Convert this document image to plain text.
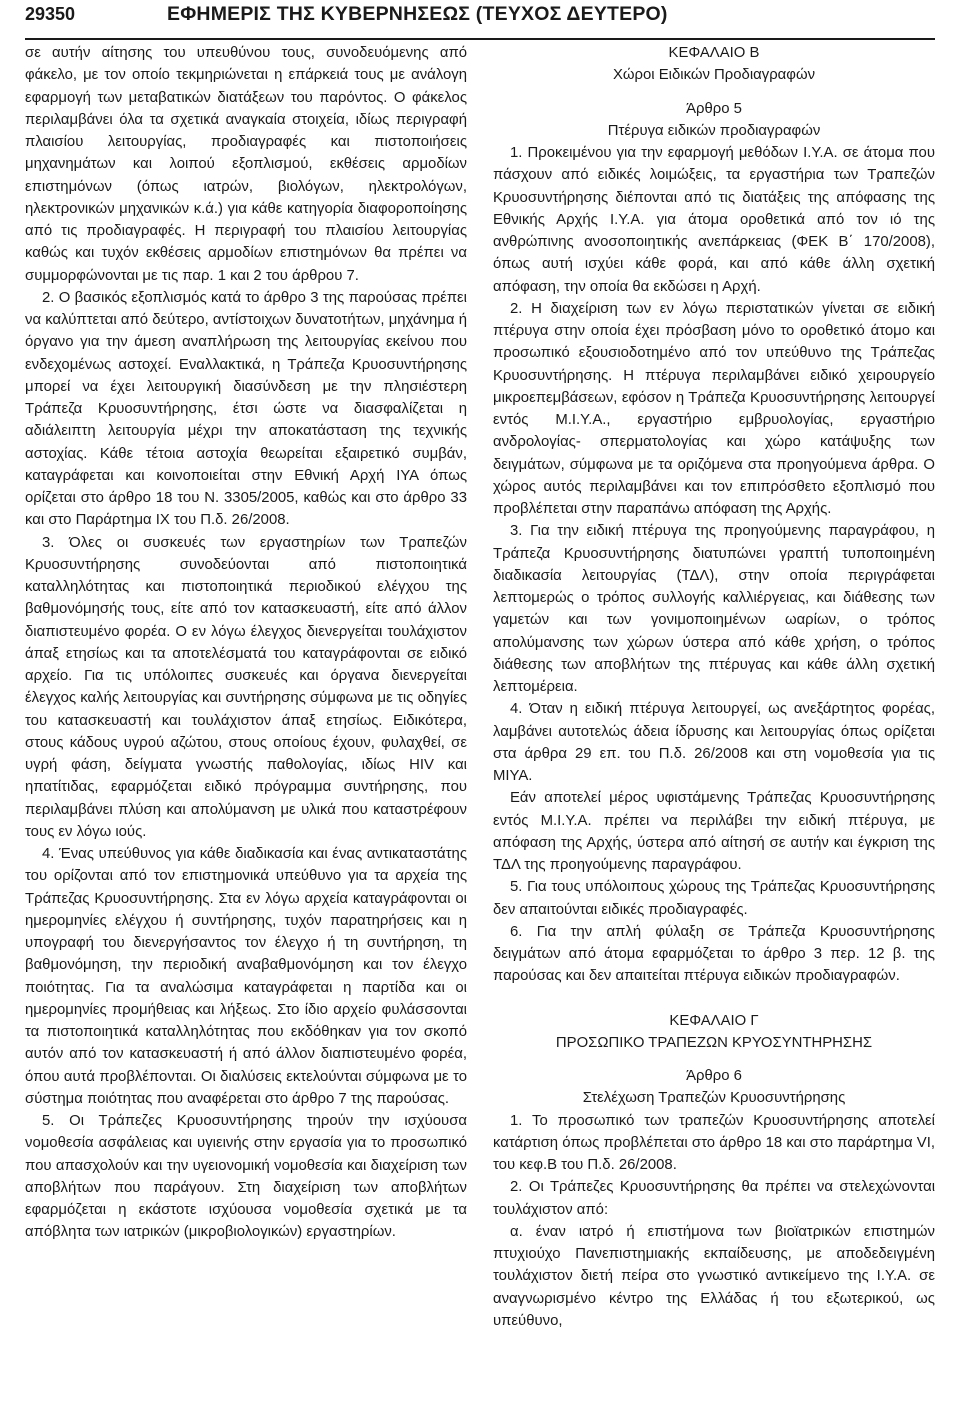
29350	ΕΦΗΜΕΡΙΣ ΤΗΣ ΚΥΒΕΡΝΗΣΕΩΣ (ΤΕΥΧΟΣ ΔΕΥΤΕΡΟ)

σε αυτήν αίτησης του υπευθύνου τους, συνοδευόμενης από φάκελο, με τον οποίο τεκμηριώνεται η επάρκειά τους με ανάλογη εφαρμογή των μεταβατικών διατάξεων του παρόντος. Ο φάκελος περιλαμβάνει όλα τα σχετικά αναγκαία στοιχεία, ιδίως περιγραφή πλαισίου λειτουργίας, προδιαγραφές και πιστοποιήσεις μηχανημάτων και λοιπού εξοπλισμού, εκθέσεις αρμοδίων επιστημόνων (όπως ιατρών, βιολόγων, ηλεκτρολόγων, ηλεκτρονικών μηχανικών κ.ά.) για κάθε κατηγορία διαφοροποίησης από τις προδιαγραφές. Η περιγραφή του πλαισίου λειτουργίας καθώς και τυχόν εκθέσεις αρμοδίων επιστημόνων θα πρέπει να συμμορφώνονται με τις παρ. 1 και 2 του άρθρου 7.

2. Ο βασικός εξοπλισμός κατά το άρθρο 3 της παρούσας πρέπει να καλύπτεται από δεύτερο, αντίστοιχων δυνατοτήτων, μηχάνημα ή όργανο για την άμεση αναπλήρωση της λειτουργίας εκείνου που ενδεχομένως αστοχεί. Εναλλακτικά, η Τράπεζα Κρυοσυντήρησης μπορεί να έχει λειτουργική διασύνδεση με την πλησιέστερη Τράπεζα Κρυοσυντήρησης, έτσι ώστε να διασφαλίζεται η αδιάλειπτη λειτουργία μέχρι την αποκατάσταση της τεχνικής αστοχίας. Κάθε τέτοια αστοχία θεωρείται εξαιρετικό συμβάν, καταγράφεται και κοινοποιείται στην Εθνική Αρχή ΙΥΑ όπως ορίζεται στο άρθρο 18 του Ν. 3305/2005, καθώς και στο άρθρο 33 και στο Παράρτημα ΙΧ του Π.δ. 26/2008.

3. Όλες οι συσκευές των εργαστηρίων των Τραπεζών Κρυοσυντήρησης συνοδεύονται από πιστοποιητικά καταλληλότητας και πιστοποιητικά περιοδικού ελέγχου της βαθμονόμησής τους, είτε από τον κατασκευαστή, είτε από άλλον διαπιστευμένο φορέα. Ο εν λόγω έλεγχος διενεργείται τουλάχιστον άπαξ ετησίως και τα αποτελέσματά του καταγράφονται σε ειδικό αρχείο. Για τις υπόλοιπες συσκευές και όργανα διενεργείται έλεγχος καλής λειτουργίας και συντήρησης σύμφωνα με τις οδηγίες του κατασκευαστή και τουλάχιστον άπαξ ετησίως. Ειδικότερα, στους κάδους υγρού αζώτου, στους οποίους έχουν, φυλαχθεί, σε υγρή φάση, δείγματα γνωστής παθολογίας, ιδίως HIV και ηπατίτιδας, εφαρμόζεται ειδικό πρόγραμμα συντήρησης, που περιλαμβάνει πλύση και απολύμανση με υλικά που καταστρέφουν τους εν λόγω ιούς.

4. Ένας υπεύθυνος για κάθε διαδικασία και ένας αντικαταστάτης του ορίζονται από τον επιστημονικά υπεύθυνο για τα αρχεία της Τράπεζας Κρυοσυντήρησης. Στα εν λόγω αρχεία καταγράφονται οι ημερομηνίες ελέγχου ή συντήρησης, τυχόν παρατηρήσεις και η υπογραφή του διενεργήσαντος τον έλεγχο ή τη συντήρηση, τη βαθμονόμηση, την περιοδική αναβαθμονόμηση και τον έλεγχο ποιότητας. Για τα αναλώσιμα καταγράφεται η παρτίδα και οι ημερομηνίες προμήθειας και λήξεως. Στο ίδιο αρχείο φυλάσσονται τα πιστοποιητικά καταλληλότητας που εκδόθηκαν για τον σκοπό αυτόν από τον κατασκευαστή ή από άλλον διαπιστευμένο φορέα, όπου αυτά προβλέπονται. Οι διαλύσεις εκτελούνται σύμφωνα με το σύστημα ποιότητας που αναφέρεται στο άρθρο 7 της παρούσας.

5. Οι Τράπεζες Κρυοσυντήρησης τηρούν την ισχύουσα νομοθεσία ασφάλειας και υγιεινής στην εργασία για το προσωπικό που απασχολούν και την υγειονομική νομοθεσία και διαχείριση των αποβλήτων που παράγουν. Στη διαχείριση των αποβλήτων εφαρμόζεται η εκάστοτε ισχύουσα νομοθεσία σχετικά με τα απόβλητα των ιατρικών (μικροβιολογικών) εργαστηρίων.

ΚΕΦΑΛΑΙΟ Β

Χώροι Ειδικών Προδιαγραφών

Άρθρο 5

Πτέρυγα ειδικών προδιαγραφών

1. Προκειμένου για την εφαρμογή μεθόδων Ι.Υ.Α. σε άτομα που πάσχουν από ειδικές λοιμώξεις, τα εργαστήρια των Τραπεζών Κρυοσυντήρησης διέπονται από τις διατάξεις της απόφασης της Εθνικής Αρχής Ι.Υ.Α. για άτομα οροθετικά από τον ιό της ανθρώπινης ανοσοποιητικής ανεπάρκειας (ΦΕΚ Β΄ 170/2008), όπως αυτή ισχύει κάθε φορά, και από κάθε άλλη σχετική απόφαση, την οποία θα εκδώσει η Αρχή.

2. Η διαχείριση των εν λόγω περιστατικών γίνεται σε ειδική πτέρυγα στην οποία έχει πρόσβαση μόνο το οροθετικό άτομο και προσωπικό εξουσιοδοτημένο από τον υπεύθυνο της Τράπεζας Κρυοσυντήρησης. Η πτέρυγα περιλαμβάνει ειδικό χειρουργείο μικροεπεμβάσεων, εφόσον η Τράπεζα Κρυοσυντήρησης λειτουργεί εντός Μ.Ι.Υ.Α., εργαστήριο εμβρυολογίας, εργαστήριο ανδρολογίας- σπερματολογίας και χώρο κατάψυξης των δειγμάτων, σύμφωνα με τα οριζόμενα στα προηγούμενα άρθρα. Ο χώρος αυτός περιλαμβάνει και τον επιπρόσθετο εξοπλισμό που προβλέπεται στην παραπάνω απόφαση της Αρχής.

3. Για την ειδική πτέρυγα της προηγούμενης παραγράφου, η Τράπεζα Κρυοσυντήρησης διατυπώνει γραπτή τυποποιημένη διαδικασία λειτουργίας (ΤΔΛ), στην οποία περιγράφεται λεπτομερώς ο τρόπος συλλογής καλλιέργειας, και διάθεσης των γαμετών και των γονιμοποιημένων ωαρίων, ο τρόπος απολύμανσης των χώρων ύστερα από κάθε χρήση, ο τρόπος διάθεσης των αποβλήτων της πτέρυγας και κάθε άλλη σχετική λεπτομέρεια.

4. Όταν η ειδική πτέρυγα λειτουργεί, ως ανεξάρτητος φορέας, λαμβάνει αυτοτελώς άδεια ίδρυσης και λειτουργίας όπως ορίζεται στα άρθρα 29 επ. του Π.δ. 26/2008 και στη νομοθεσία για τις ΜΙΥΑ.

Εάν αποτελεί μέρος υφιστάμενης Τράπεζας Κρυοσυντήρησης εντός Μ.Ι.Υ.Α. πρέπει να περιλάβει την ειδική πτέρυγα, με απόφαση της Αρχής, ύστερα από αίτησή σε αυτήν και έγκριση της ΤΔΛ της προηγούμενης παραγράφου.

5. Για τους υπόλοιπους χώρους της Τράπεζας Κρυοσυντήρησης δεν απαιτούνται ειδικές προδιαγραφές.

6. Για την απλή φύλαξη σε Τράπεζα Κρυοσυντήρησης δειγμάτων από άτομα εφαρμόζεται το άρθρο 3 περ. 12 β. της παρούσας και δεν απαιτείται πτέρυγα ειδικών προδιαγραφών.

ΚΕΦΑΛΑΙΟ Γ

ΠΡΟΣΩΠΙΚΟ ΤΡΑΠΕΖΩΝ ΚΡΥΟΣΥΝΤΗΡΗΣΗΣ

Άρθρο 6

Στελέχωση Τραπεζών Κρυοσυντήρησης

1. Το προσωπικό των τραπεζών Κρυοσυντήρησης αποτελεί κατάρτιση όπως προβλέπεται στο άρθρο 18 και στο παράρτημα VI, του κεφ.Β του Π.δ. 26/2008.

2. Οι Τράπεζες Κρυοσυντήρησης θα πρέπει να στελεχώνονται τουλάχιστον από:

α. έναν ιατρό ή επιστήμονα των βιοϊατρικών επιστημών πτυχιούχο Πανεπιστημιακής εκπαίδευσης, με αποδεδειγμένη τουλάχιστον διετή πείρα στο γνωστικό αντικείμενο της Ι.Υ.Α. σε αναγνωρισμένο κέντρο της Ελλάδας ή του εξωτερικού, ως υπεύθυνο,
